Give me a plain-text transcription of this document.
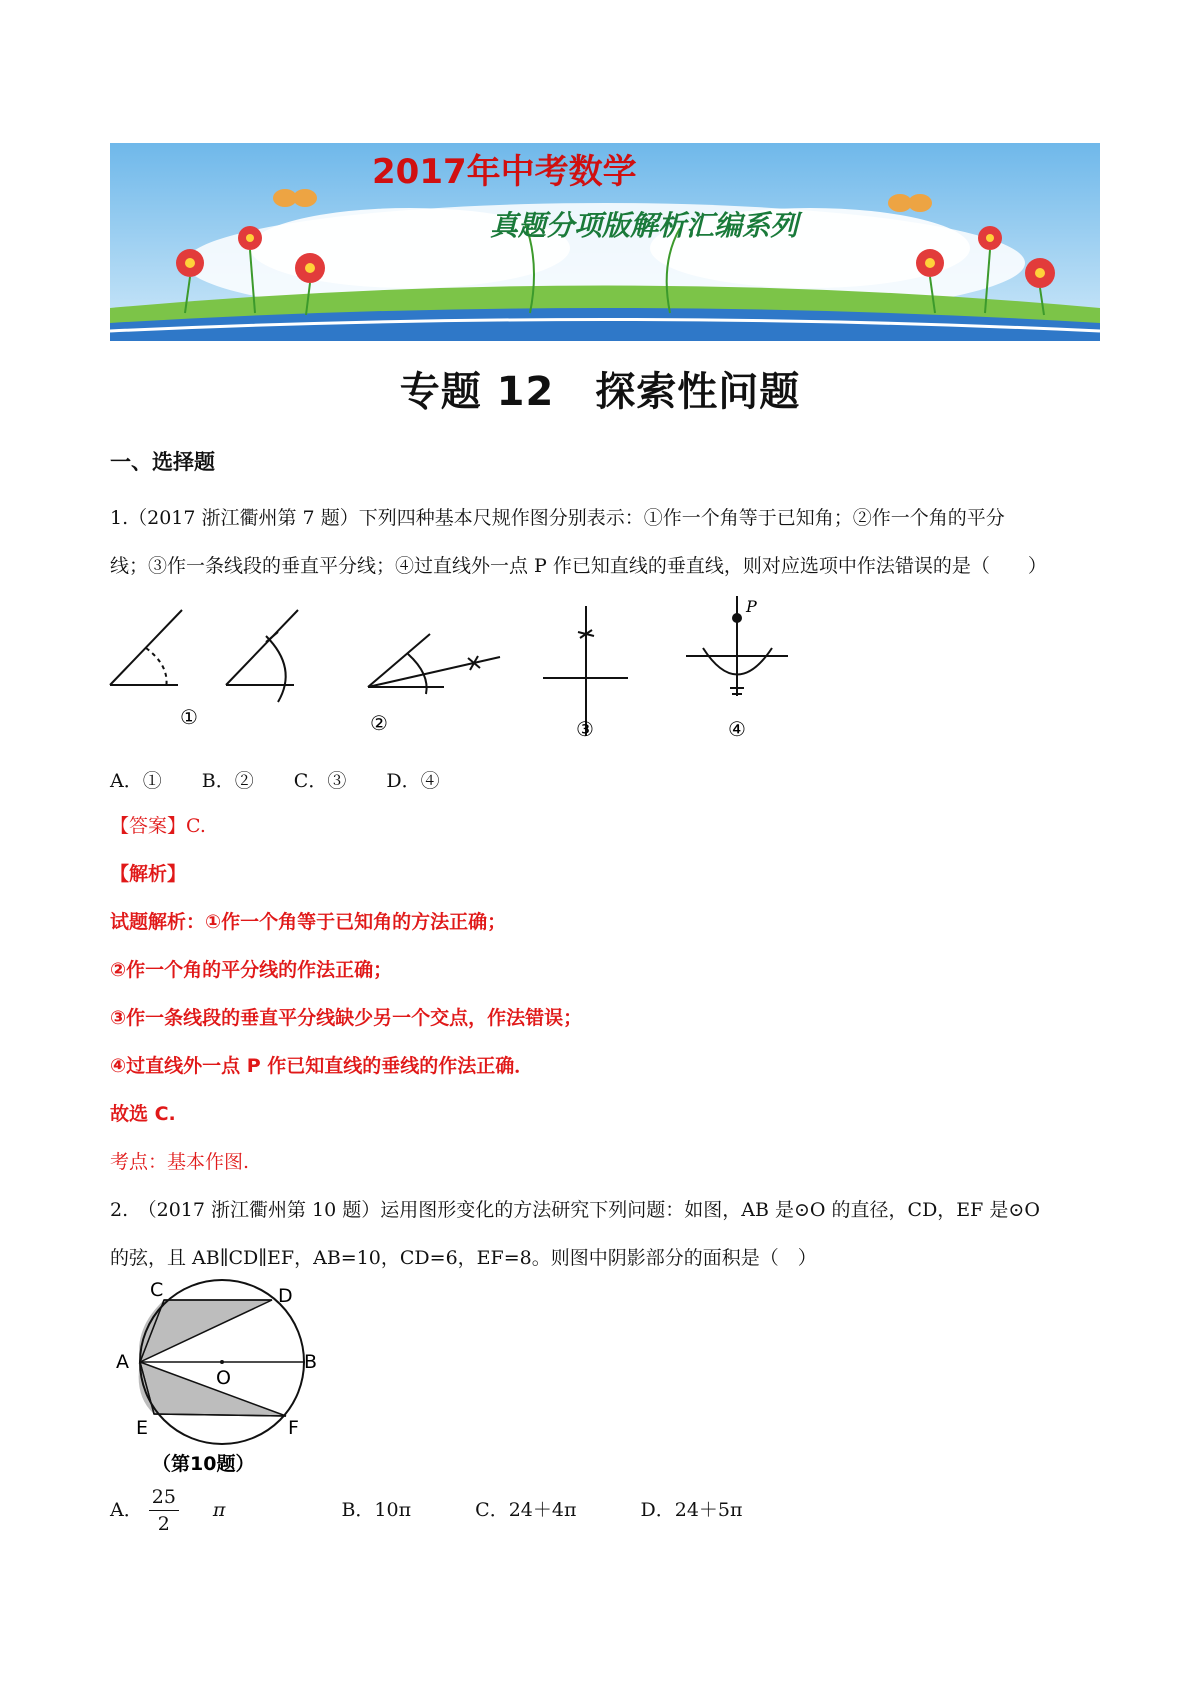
2017年中考数学
真题分项版解析汇编系列
专题 12　探索性问题
一、选择题
1.（2017 浙江衢州第 7 题）下列四种基本尺规作图分别表示：①作一个角等于已知角；②作一个角的平分
线；③作一条线段的垂直平分线；④过直线外一点 P 作已知直线的垂直线，则对应选项中作法错误的是（　　）
P
①	②	③	④
A．① B．② C．③ D．④
【答案】C.
【解析】
试题解析：①作一个角等于已知角的方法正确；
②作一个角的平分线的作法正确；
③作一条线段的垂直平分线缺少另一个交点，作法错误；
④过直线外一点 P 作已知直线的垂线的作法正确．
故选 C.
考点：基本作图.
2.　（2017 浙江衢州第 10 题）运用图形变化的方法研究下列问题：如图，AB 是⊙O 的直径，CD，EF 是⊙O
的弦，且 AB∥CD∥EF，AB=10，CD=6，EF=8。则图中阴影部分的面积是（　）
C	D
A
O
B
E	F
（第10题）
A． $\frac{25}{2}$ π	B．10π	C．24＋4π	D．24＋5π
